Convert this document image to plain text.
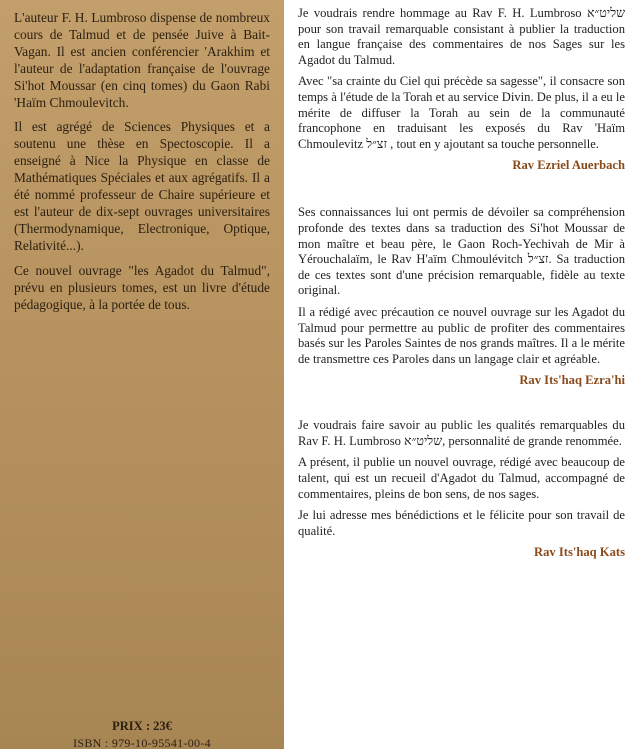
L'auteur F. H. Lumbroso dispense de nombreux cours de Talmud et de pensée Juive à Bait-Vagan. Il est ancien conférencier 'Arakhim et l'auteur de l'adaptation française de l'ouvrage Si'hot Moussar (en cinq tomes) du Gaon Rabi 'Haïm Chmoulevitch.

Il est agrégé de Sciences Physiques et a soutenu une thèse en Spectoscopie. Il a enseigné à Nice la Physique en classe de Mathématiques Spéciales et aux agrégatifs. Il a été nommé professeur de Chaire supérieure et est l'auteur de dix-sept ouvrages universitaires (Thermodynamique, Electronique, Optique, Relativité...).

Ce nouvel ouvrage "les Agadot du Talmud", prévu en plusieurs tomes, est un livre d'étude pédagogique, à la portée de tous.

PRIX : 23€
ISBN : 979-10-95541-00-4

Je voudrais rendre hommage au Rav F. H. Lumbroso שליט״א pour son travail remarquable consistant à publier la traduction en langue française des commentaires de nos Sages sur les Agadot du Talmud.

Avec "sa crainte du Ciel qui précède sa sagesse", il consacre son temps à l'étude de la Torah et au service Divin. De plus, il a eu le mérite de diffuser la Torah au sein de la communauté francophone en traduisant les exposés du Rav 'Haïm Chmoulevitz זצ״ל , tout en y ajoutant sa touche personnelle.

Rav Ezriel Auerbach

Ses connaissances lui ont permis de dévoiler sa compréhension profonde des textes dans sa traduction des Si'hot Moussar de mon maître et beau père, le Gaon Roch-Yechivah de Mir à Yérouchalaïm, le Rav H'aïm Chmoulévitch זצ״ל. Sa traduction de ces textes sont d'une précision remarquable, fidèle au texte original.

Il a rédigé avec précaution ce nouvel ouvrage sur les Agadot du Talmud pour permettre au public de profiter des commentaires basés sur les Paroles Saintes de nos grands maîtres. Il a le mérite de transmettre ces Paroles dans un langage clair et agréable.

Rav Its'haq Ezra'hi

Je voudrais faire savoir au public les qualités remarquables du Rav F. H. Lumbroso שליט״א, personnalité de grande renommée.

A présent, il publie un nouvel ouvrage, rédigé avec beaucoup de talent, qui est un recueil d'Agadot du Talmud, accompagné de commentaires, pleins de bon sens, de nos sages.

Je lui adresse mes bénédictions et le félicite pour son travail de qualité.

Rav Its'haq Kats
